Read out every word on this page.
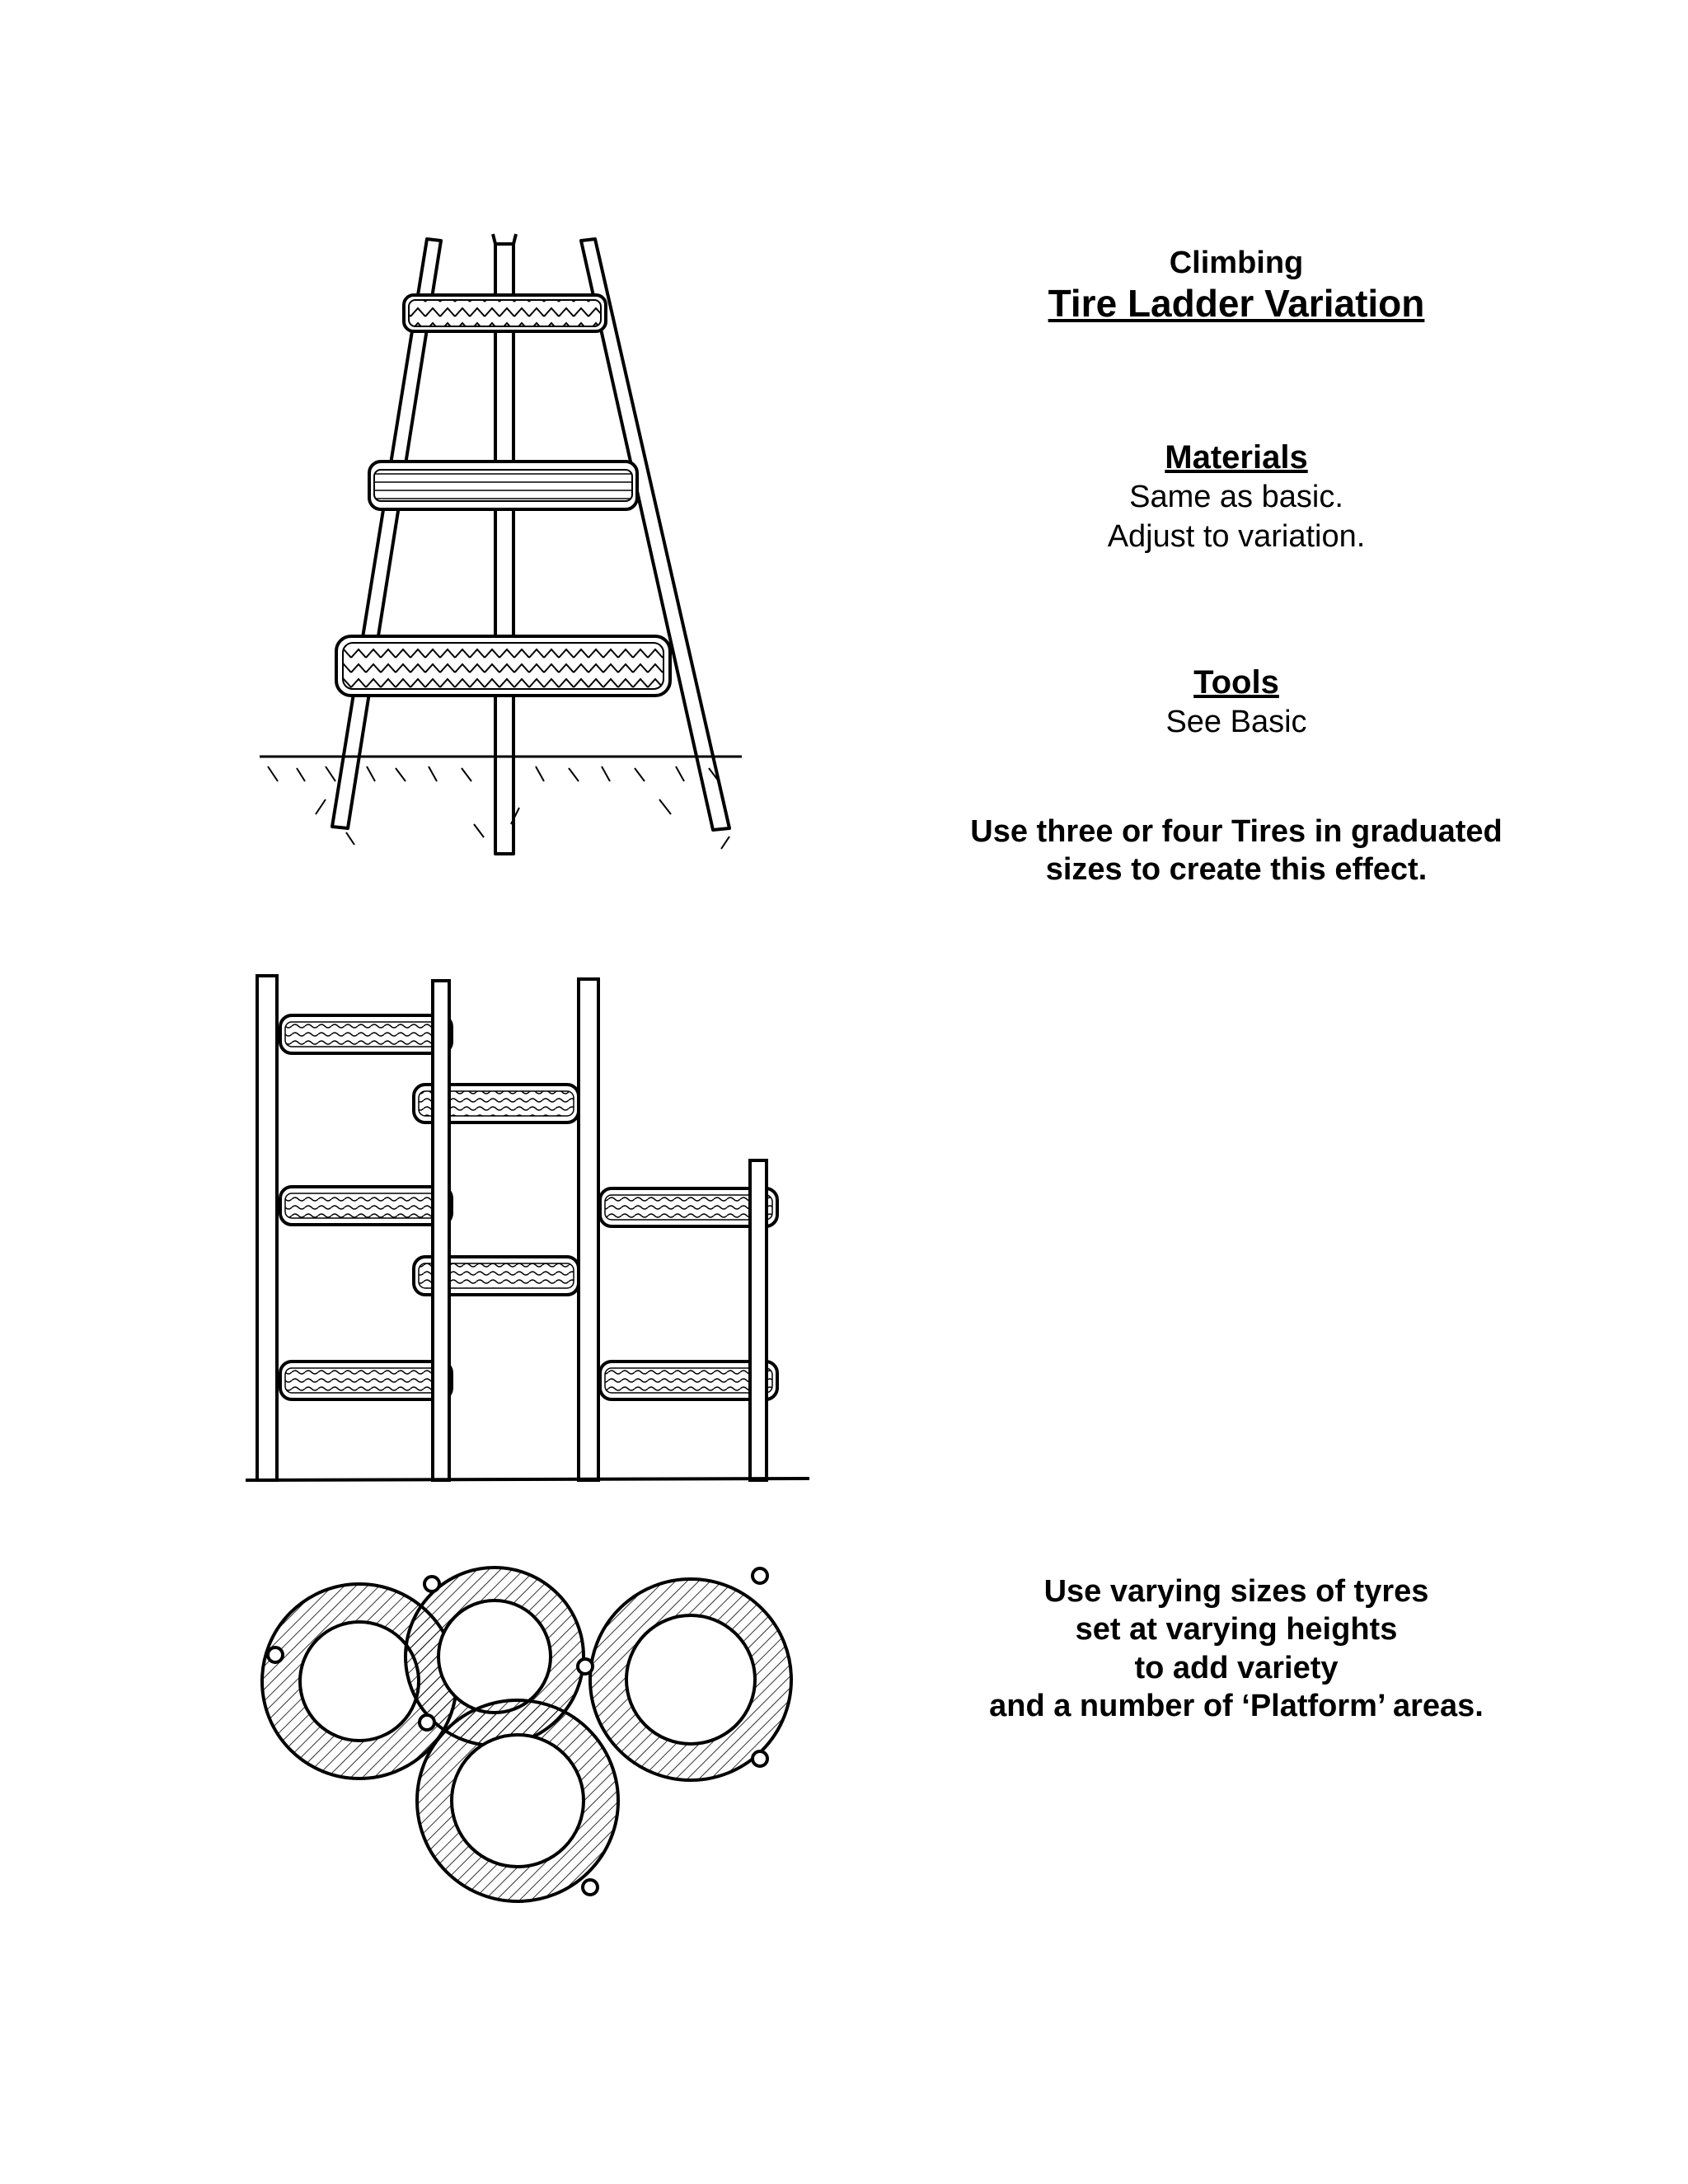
Climbing
Tire Ladder Variation
Materials
Same as basic.
Adjust to variation.
Tools
See Basic
Use three or four Tires in graduated
sizes to create this effect.
Use varying sizes of tyres
set at varying heights
to add variety
and a number of ‘Platform’ areas.
